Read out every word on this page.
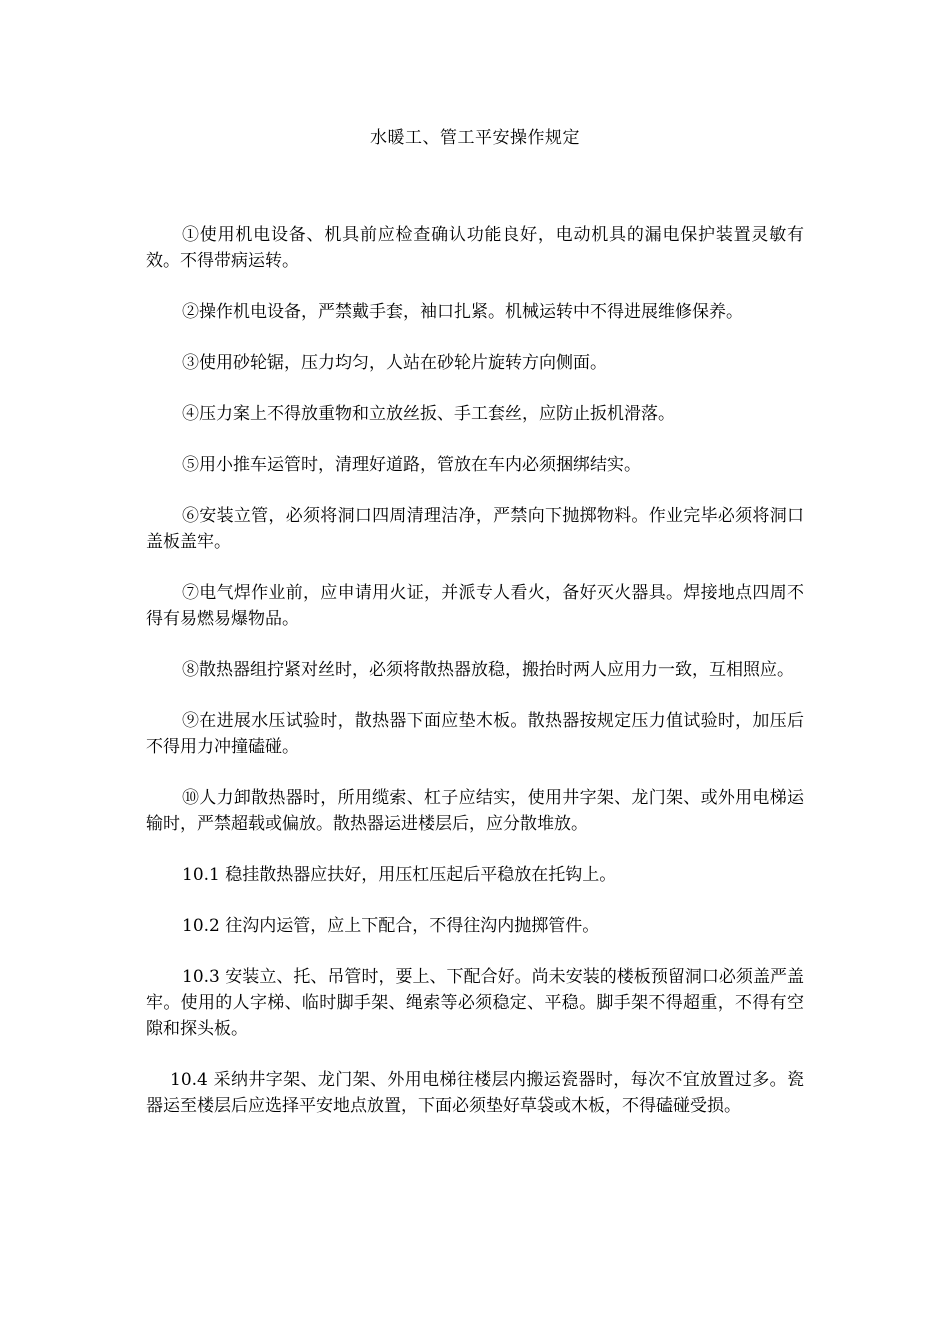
水暖工、管工平安操作规定

①使用机电设备、机具前应检查确认功能良好，电动机具的漏电保护装置灵敏有效。不得带病运转。

②操作机电设备，严禁戴手套，袖口扎紧。机械运转中不得进展维修保养。

③使用砂轮锯，压力均匀，人站在砂轮片旋转方向侧面。

④压力案上不得放重物和立放丝扳、手工套丝，应防止扳机滑落。

⑤用小推车运管时，清理好道路，管放在车内必须捆绑结实。

⑥安装立管，必须将洞口四周清理洁净，严禁向下抛掷物料。作业完毕必须将洞口盖板盖牢。

⑦电气焊作业前，应申请用火证，并派专人看火，备好灭火器具。焊接地点四周不得有易燃易爆物品。

⑧散热器组拧紧对丝时，必须将散热器放稳，搬抬时两人应用力一致，互相照应。

⑨在进展水压试验时，散热器下面应垫木板。散热器按规定压力值试验时，加压后不得用力冲撞磕碰。

⑩人力卸散热器时，所用缆索、杠子应结实，使用井字架、龙门架、或外用电梯运输时，严禁超载或偏放。散热器运进楼层后，应分散堆放。

10.1 稳挂散热器应扶好，用压杠压起后平稳放在托钩上。

10.2 往沟内运管，应上下配合，不得往沟内抛掷管件。

10.3 安装立、托、吊管时，要上、下配合好。尚未安装的楼板预留洞口必须盖严盖牢。使用的人字梯、临时脚手架、绳索等必须稳定、平稳。脚手架不得超重，不得有空隙和探头板。

10.4 采纳井字架、龙门架、外用电梯往楼层内搬运瓷器时，每次不宜放置过多。瓷器运至楼层后应选择平安地点放置，下面必须垫好草袋或木板，不得磕碰受损。
